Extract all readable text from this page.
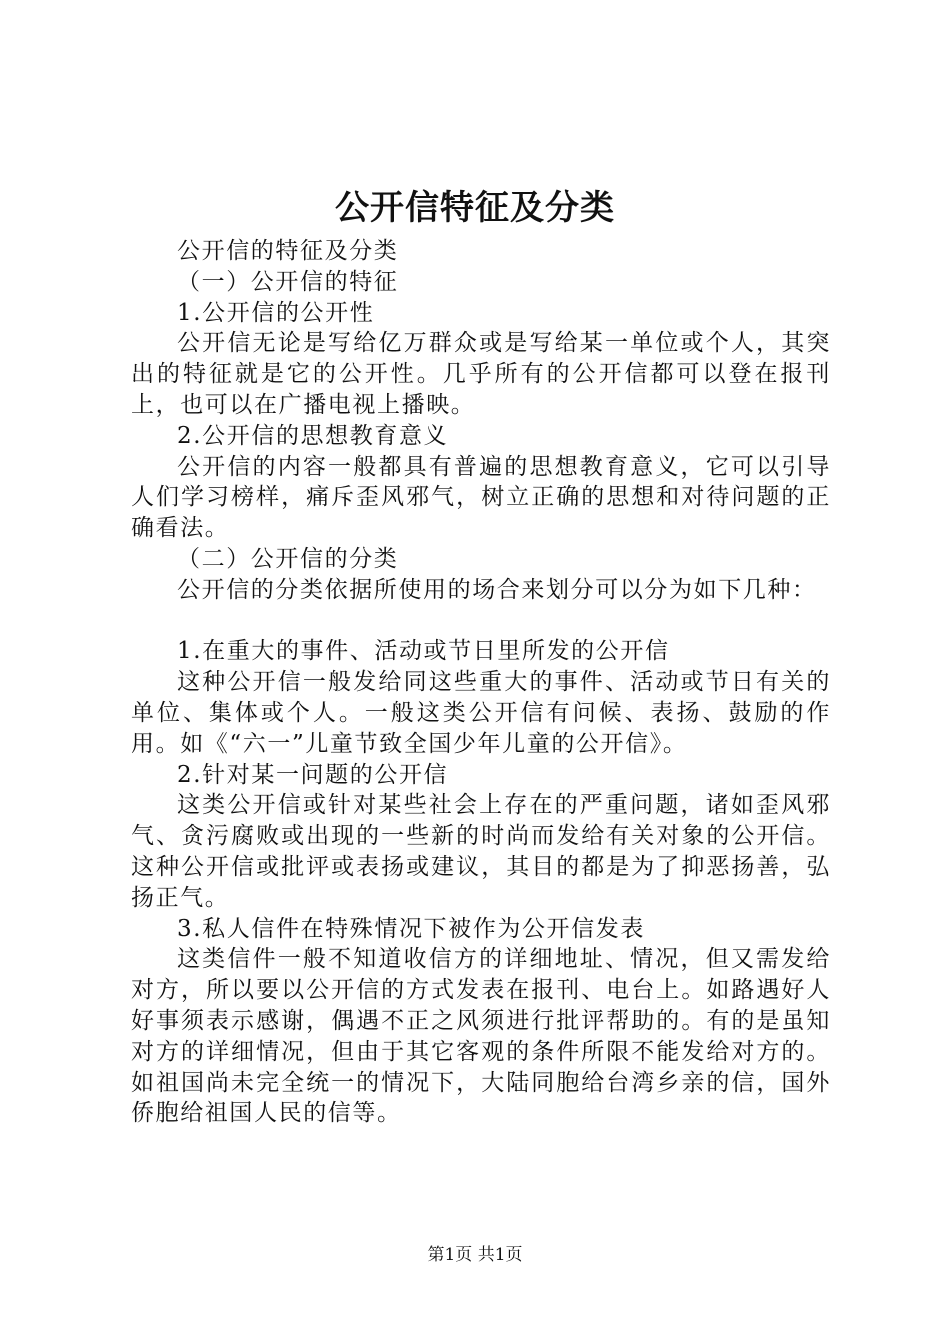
公开信特征及分类

公开信的特征及分类

（一）公开信的特征

1.公开信的公开性

公开信无论是写给亿万群众或是写给某一单位或个人，其突出的特征就是它的公开性。几乎所有的公开信都可以登在报刊上，也可以在广播电视上播映。

2.公开信的思想教育意义

公开信的内容一般都具有普遍的思想教育意义，它可以引导人们学习榜样，痛斥歪风邪气，树立正确的思想和对待问题的正确看法。

（二）公开信的分类

公开信的分类依据所使用的场合来划分可以分为如下几种：

1.在重大的事件、活动或节日里所发的公开信

这种公开信一般发给同这些重大的事件、活动或节日有关的单位、集体或个人。一般这类公开信有问候、表扬、鼓励的作用。如《“六一”儿童节致全国少年儿童的公开信》。

2.针对某一问题的公开信

这类公开信或针对某些社会上存在的严重问题，诸如歪风邪气、贪污腐败或出现的一些新的时尚而发给有关对象的公开信。这种公开信或批评或表扬或建议，其目的都是为了抑恶扬善，弘扬正气。

3.私人信件在特殊情况下被作为公开信发表

这类信件一般不知道收信方的详细地址、情况，但又需发给对方，所以要以公开信的方式发表在报刊、电台上。如路遇好人好事须表示感谢，偶遇不正之风须进行批评帮助的。有的是虽知对方的详细情况，但由于其它客观的条件所限不能发给对方的。如祖国尚未完全统一的情况下，大陆同胞给台湾乡亲的信，国外侨胞给祖国人民的信等。

第1页 共1页
